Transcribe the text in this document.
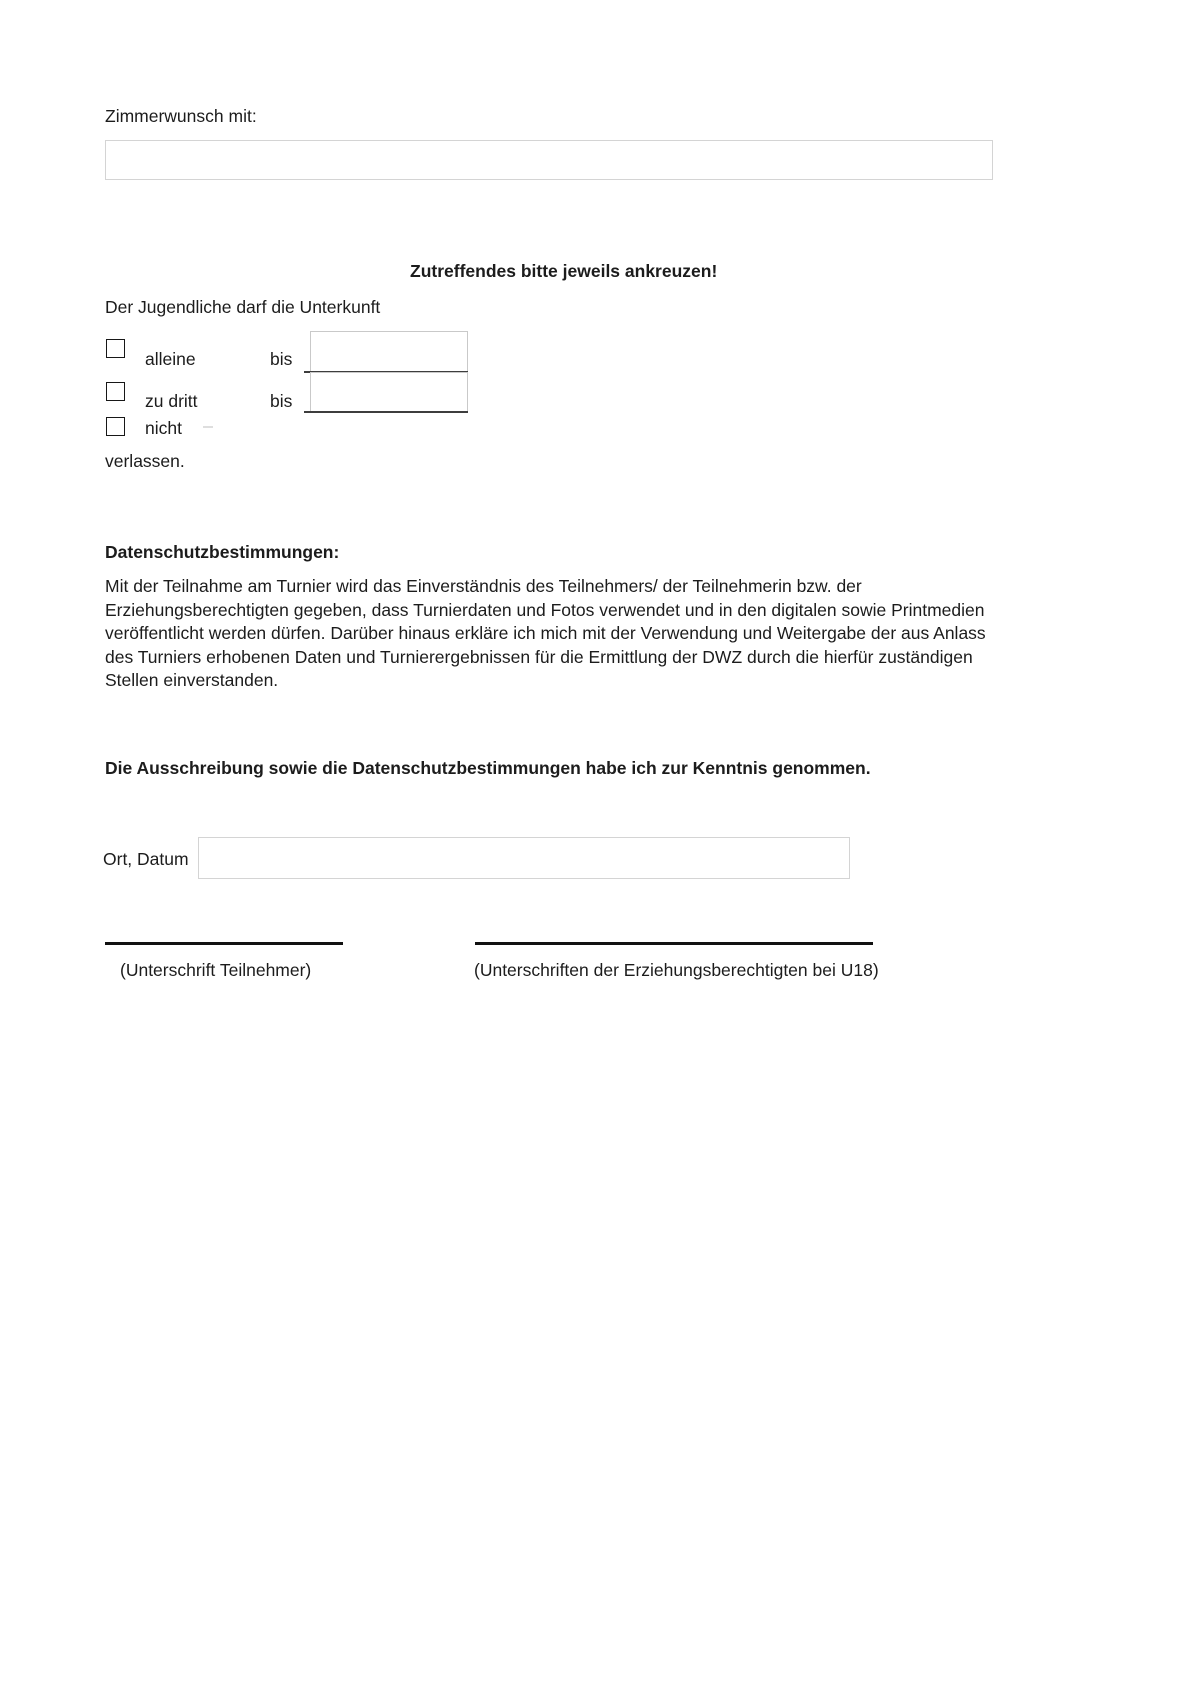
Zimmerwunsch mit:
Zutreffendes bitte jeweils ankreuzen!
Der Jugendliche darf die Unterkunft
alleine	bis
zu dritt	bis
nicht
verlassen.
Datenschutzbestimmungen:
Mit der Teilnahme am Turnier wird das Einverständnis des Teilnehmers/ der Teilnehmerin bzw. der Erziehungsberechtigten gegeben, dass Turnierdaten und Fotos verwendet und in den digitalen sowie Printmedien veröffentlicht werden dürfen. Darüber hinaus erkläre ich mich mit der Verwendung und Weitergabe der aus Anlass des Turniers erhobenen Daten und Turnierergebnissen für die Ermittlung der DWZ durch die hierfür zuständigen Stellen einverstanden.
Die Ausschreibung sowie die Datenschutzbestimmungen habe ich zur Kenntnis genommen.
Ort, Datum
(Unterschrift Teilnehmer)	(Unterschriften der Erziehungsberechtigten bei U18)
